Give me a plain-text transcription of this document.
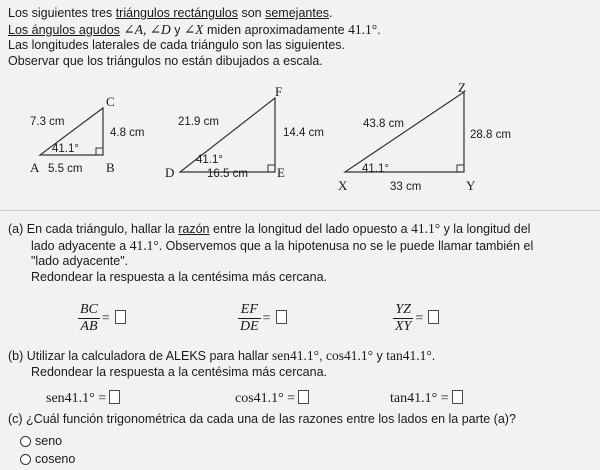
Los siguientes tres triángulos rectángulos son semejantes.
Los ángulos agudos ∠A, ∠D y ∠X miden aproximadamente 41.1°.
Las longitudes laterales de cada triángulo son las siguientes.
Observar que los triángulos no están dibujados a escala.
C
A	B
7.3 cm
4.8 cm
5.5 cm
41.1°
F
D	E
21.9 cm
14.4 cm
16.5 cm
41.1°
Z
X	Y
43.8 cm
28.8 cm
33 cm
41.1°
(a) En cada triángulo, hallar la razón entre la longitud del lado opuesto a 41.1° y la longitud del
lado adyacente a 41.1°. Observemos que a la hipotenusa no se le puede llamar también el
"lado adyacente".
Redondear la respuesta a la centésima más cercana.
$\frac{BC}{AB}$ =	$\frac{EF}{DE}$ =	$\frac{YZ}{XY}$ =
(b) Utilizar la calculadora de ALEKS para hallar sen41.1°, cos41.1° y tan41.1°.
Redondear la respuesta a la centésima más cercana.
sen41.1° =	cos41.1° =	tan41.1° =
(c) ¿Cuál función trigonométrica da cada una de las razones entre los lados en la parte (a)?
seno
coseno
